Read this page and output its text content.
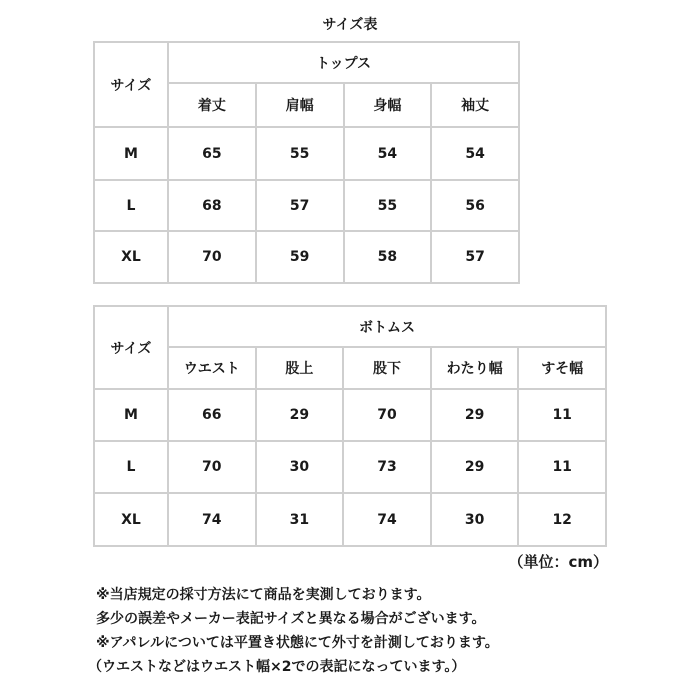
サイズ表
サイズ	トップス			
	着丈	肩幅	身幅	袖丈
M	65	55	54	54
L	68	57	55	56
XL	70	59	58	57
サイズ	ボトムス				
	ウエスト	股上	股下	わたり幅	すそ幅
M	66	29	70	29	11
L	70	30	73	29	11
XL	74	31	74	30	12
（単位：cm）
※当店規定の採寸方法にて商品を実測しております。
多少の誤差やメーカー表記サイズと異なる場合がございます。
※アパレルについては平置き状態にて外寸を計測しております。
（ウエストなどはウエスト幅×2での表記になっています。）
